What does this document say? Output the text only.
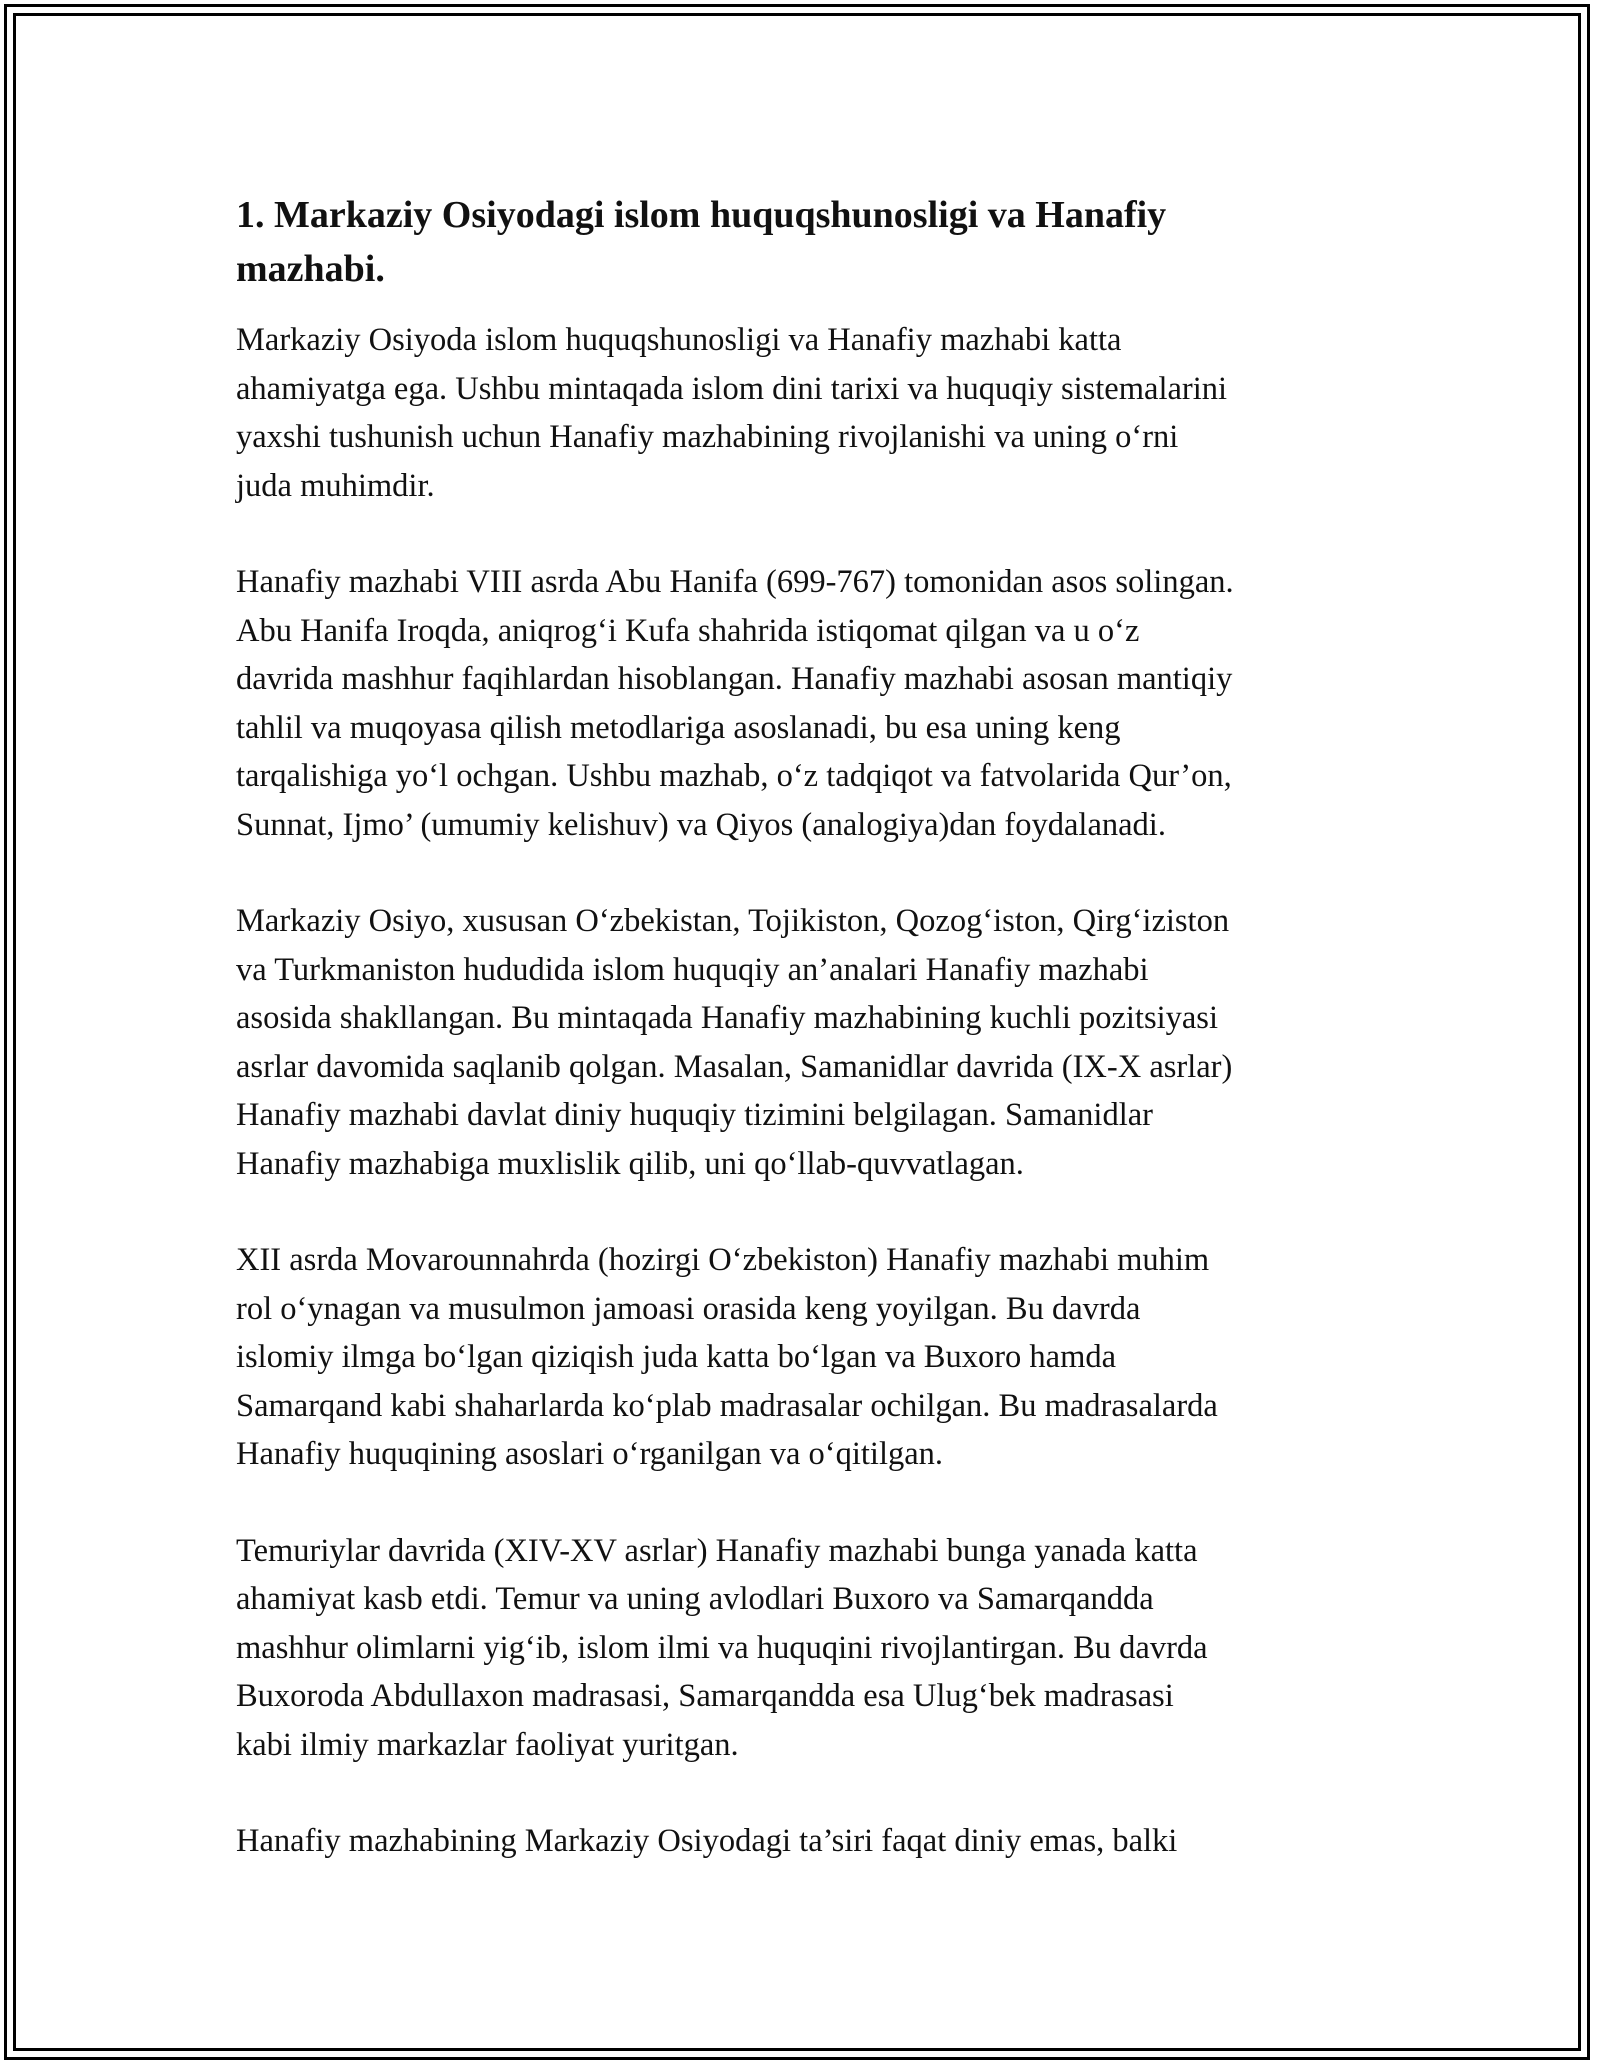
1. Markaziy Osiyodagi islom huquqshunosligi va Hanafiy
mazhabi.

Markaziy Osiyoda islom huquqshunosligi va Hanafiy mazhabi katta
ahamiyatga ega. Ushbu mintaqada islom dini tarixi va huquqiy sistemalarini
yaxshi tushunish uchun Hanafiy mazhabining rivojlanishi va uning o‘rni
juda muhimdir.

Hanafiy mazhabi VIII asrda Abu Hanifa (699-767) tomonidan asos solingan.
Abu Hanifa Iroqda, aniqrog‘i Kufa shahrida istiqomat qilgan va u o‘z
davrida mashhur faqihlardan hisoblangan. Hanafiy mazhabi asosan mantiqiy
tahlil va muqoyasa qilish metodlariga asoslanadi, bu esa uning keng
tarqalishiga yo‘l ochgan. Ushbu mazhab, o‘z tadqiqot va fatvolarida Qur’on,
Sunnat, Ijmo’ (umumiy kelishuv) va Qiyos (analogiya)dan foydalanadi.

Markaziy Osiyo, xususan O‘zbekistan, Tojikiston, Qozog‘iston, Qirg‘iziston
va Turkmaniston hududida islom huquqiy an’analari Hanafiy mazhabi
asosida shakllangan. Bu mintaqada Hanafiy mazhabining kuchli pozitsiyasi
asrlar davomida saqlanib qolgan. Masalan, Samanidlar davrida (IX-X asrlar)
Hanafiy mazhabi davlat diniy huquqiy tizimini belgilagan. Samanidlar
Hanafiy mazhabiga muxlislik qilib, uni qo‘llab-quvvatlagan.

XII asrda Movarounnahrda (hozirgi O‘zbekiston) Hanafiy mazhabi muhim
rol o‘ynagan va musulmon jamoasi orasida keng yoyilgan. Bu davrda
islomiy ilmga bo‘lgan qiziqish juda katta bo‘lgan va Buxoro hamda
Samarqand kabi shaharlarda ko‘plab madrasalar ochilgan. Bu madrasalarda
Hanafiy huquqining asoslari o‘rganilgan va o‘qitilgan.

Temuriylar davrida (XIV-XV asrlar) Hanafiy mazhabi bunga yanada katta
ahamiyat kasb etdi. Temur va uning avlodlari Buxoro va Samarqandda
mashhur olimlarni yig‘ib, islom ilmi va huquqini rivojlantirgan. Bu davrda
Buxoroda Abdullaxon madrasasi, Samarqandda esa Ulug‘bek madrasasi
kabi ilmiy markazlar faoliyat yuritgan.

Hanafiy mazhabining Markaziy Osiyodagi ta’siri faqat diniy emas, balki
